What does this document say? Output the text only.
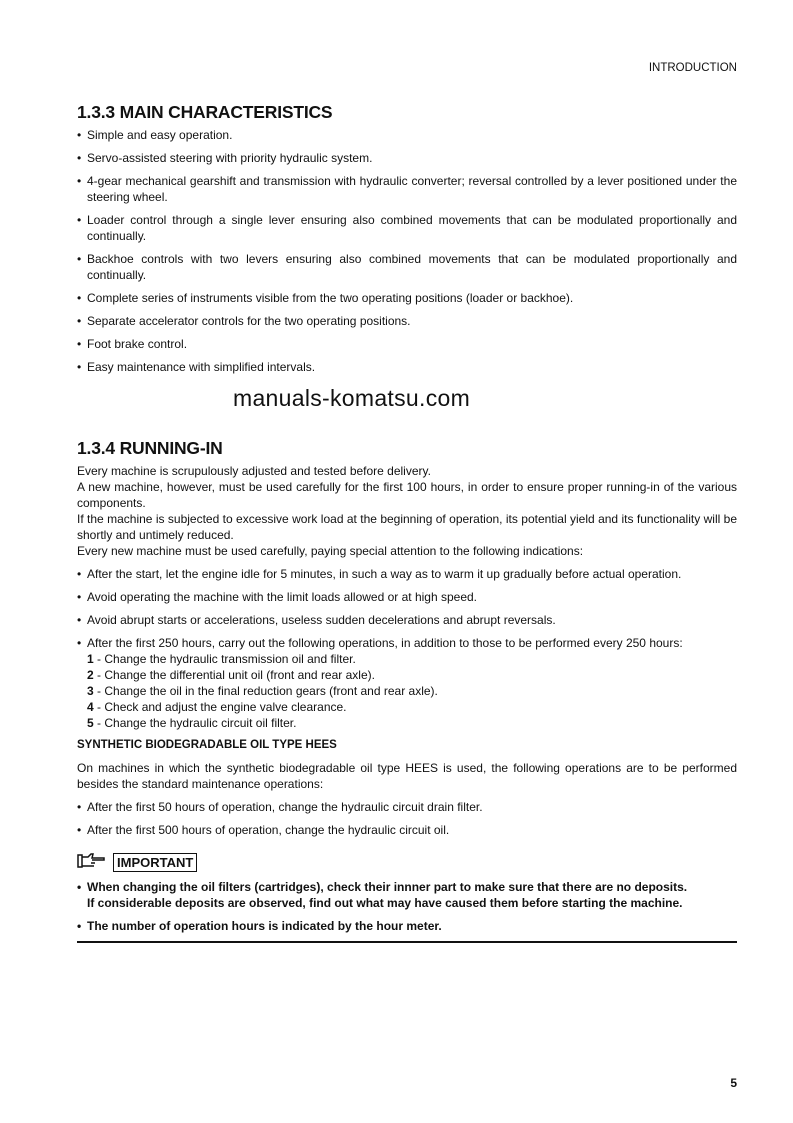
INTRODUCTION
1.3.3 MAIN CHARACTERISTICS
• Simple and easy operation.
• Servo-assisted steering with priority hydraulic system.
• 4-gear mechanical gearshift and transmission with hydraulic converter; reversal controlled by a lever positioned under the steering wheel.
• Loader control through a single lever ensuring also combined movements that can be modulated proportionally and continually.
• Backhoe controls with two levers ensuring also combined movements that can be modulated proportionally and continually.
• Complete series of instruments visible from the two operating positions (loader or backhoe).
• Separate accelerator controls for the two operating positions.
• Foot brake control.
• Easy maintenance with simplified intervals.
manuals-komatsu.com
1.3.4 RUNNING-IN
Every machine is scrupulously adjusted and tested before delivery.
A new machine, however, must be used carefully for the first 100 hours, in order to ensure proper running-in of the various components.
If the machine is subjected to excessive work load at the beginning of operation, its potential yield and its functionality will be shortly and untimely reduced.
Every new machine must be used carefully, paying special attention to the following indications:
• After the start, let the engine idle for 5 minutes, in such a way as to warm it up gradually before actual operation.
• Avoid operating the machine with the limit loads allowed or at high speed.
• Avoid abrupt starts or accelerations, useless sudden decelerations and abrupt reversals.
• After the first 250 hours, carry out the following operations, in addition to those to be performed every 250 hours:
1 - Change the hydraulic transmission oil and filter.
2 - Change the differential unit oil (front and rear axle).
3 - Change the oil in the final reduction gears (front and rear axle).
4 - Check and adjust the engine valve clearance.
5 - Change the hydraulic circuit oil filter.
SYNTHETIC BIODEGRADABLE OIL TYPE HEES
On machines in which the synthetic biodegradable oil type HEES is used, the following operations are to be performed besides the standard maintenance operations:
• After the first 50 hours of operation, change the hydraulic circuit drain filter.
• After the first 500 hours of operation, change the hydraulic circuit oil.
IMPORTANT
• When changing the oil filters (cartridges), check their innner part to make sure that there are no deposits.
If considerable deposits are observed, find out what may have caused them before starting the machine.
• The number of operation hours is indicated by the hour meter.
5
